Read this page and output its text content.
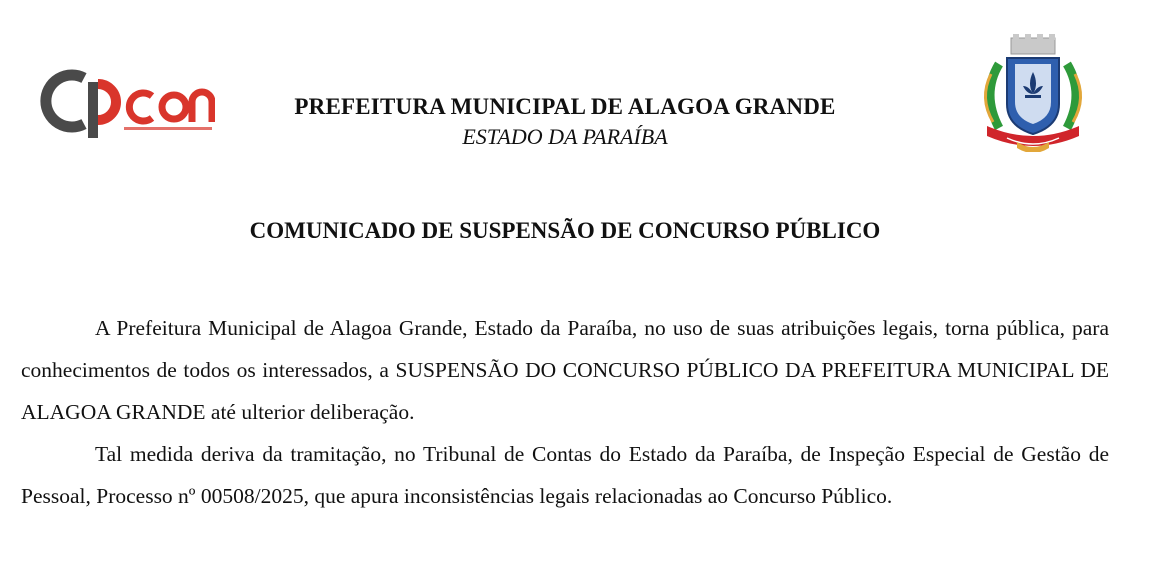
PREFEITURA MUNICIPAL DE ALAGOA GRANDE
ESTADO DA PARAÍBA
COMUNICADO DE SUSPENSÃO DE CONCURSO PÚBLICO

A Prefeitura Municipal de Alagoa Grande, Estado da Paraíba, no uso de suas atribuições legais, torna pública, para conhecimentos de todos os interessados, a SUSPENSÃO DO CONCURSO PÚBLICO DA PREFEITURA MUNICIPAL DE ALAGOA GRANDE até ulterior deliberação.

Tal medida deriva da tramitação, no Tribunal de Contas do Estado da Paraíba, de Inspeção Especial de Gestão de Pessoal, Processo nº 00508/2025, que apura inconsistências legais relacionadas ao Concurso Público.
